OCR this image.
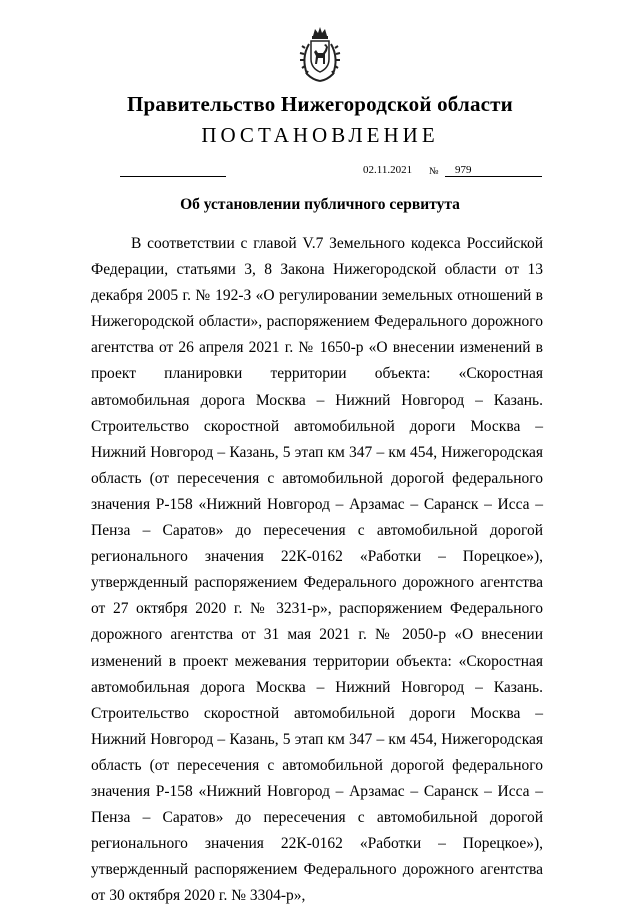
Правительство Нижегородской области
ПОСТАНОВЛЕНИЕ
02.11.2021 № 979
Об установлении публичного сервитута
В соответствии с главой V.7 Земельного кодекса Российской Федерации, статьями 3, 8 Закона Нижегородской области от 13 декабря 2005 г. № 192-З «О регулировании земельных отношений в Нижегородской области», распоряжением Федерального дорожного агентства от 26 апреля 2021 г. № 1650-р «О внесении изменений в проект планировки территории объекта: «Скоростная автомобильная дорога Москва – Нижний Новгород – Казань. Строительство скоростной автомобильной дороги Москва – Нижний Новгород – Казань, 5 этап км 347 – км 454, Нижегородская область (от пересечения с автомобильной дорогой федерального значения Р-158 «Нижний Новгород – Арзамас – Саранск – Исса – Пенза – Саратов» до пересечения с автомобильной дорогой регионального значения 22К-0162 «Работки – Порецкое»), утвержденный распоряжением Федерального дорожного агентства от 27 октября 2020 г. № 3231-р», распоряжением Федерального дорожного агентства от 31 мая 2021 г. № 2050-р «О внесении изменений в проект межевания территории объекта: «Скоростная автомобильная дорога Москва – Нижний Новгород – Казань. Строительство скоростной автомобильной дороги Москва – Нижний Новгород – Казань, 5 этап км 347 – км 454, Нижегородская область (от пересечения с автомобильной дорогой федерального значения Р-158 «Нижний Новгород – Арзамас – Саранск – Исса – Пенза – Саратов» до пересечения с автомобильной дорогой регионального значения 22К-0162 «Работки – Порецкое»), утвержденный распоряжением Федерального дорожного агентства от 30 октября 2020 г. № 3304-р»,
